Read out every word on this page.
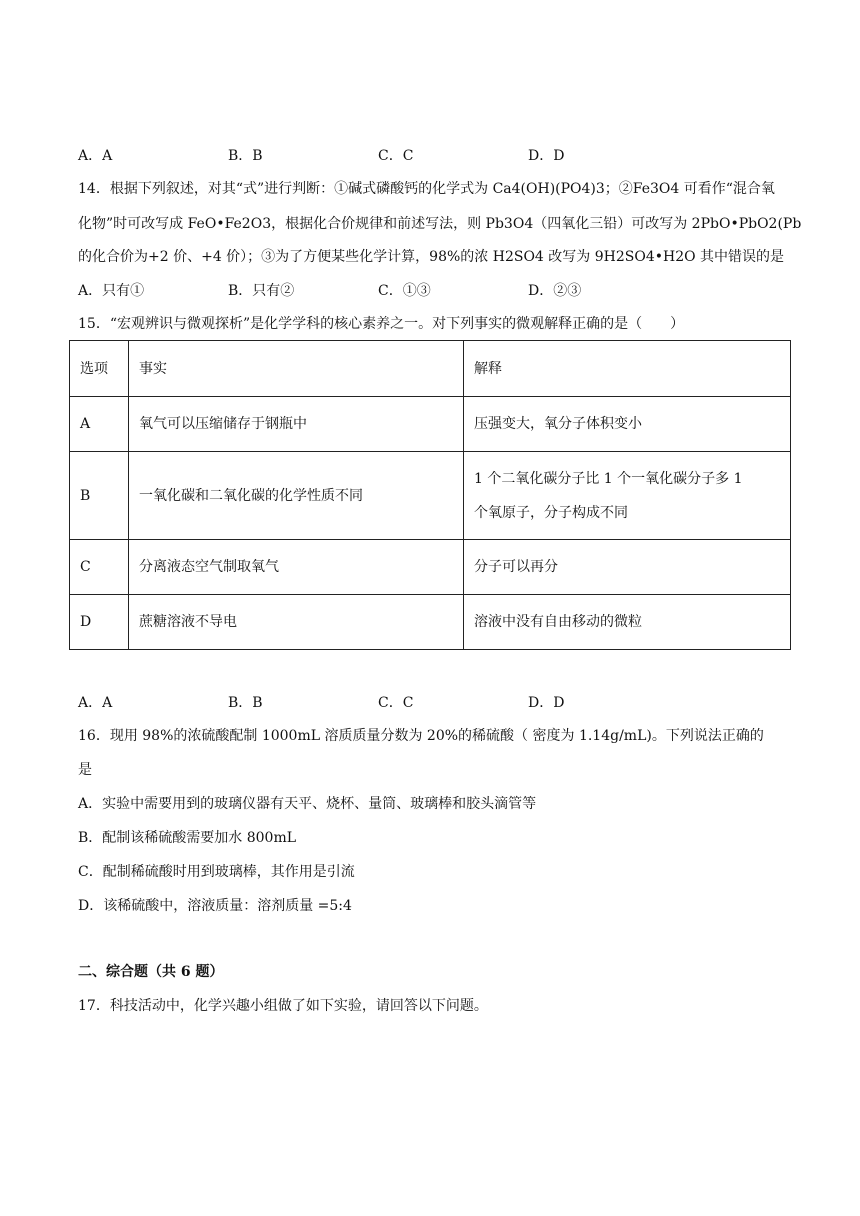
A．A	B．B	C．C	D．D
14．根据下列叙述，对其“式”进行判断：①碱式磷酸钙的化学式为 Ca4(OH)(PO4)3；②Fe3O4 可看作“混合氧
化物”时可改写成 FeO•Fe2O3，根据化合价规律和前述写法，则 Pb3O4（四氧化三铅）可改写为 2PbO•PbO2(Pb
的化合价为+2 价、+4 价）；③为了方便某些化学计算，98%的浓 H2SO4 改写为 9H2SO4•H2O 其中错误的是
A．只有①	B．只有②	C．①③	D．②③
15．“宏观辨识与微观探析”是化学学科的核心素养之一。对下列事实的微观解释正确的是（　　）
选项	事实	解释
A	氧气可以压缩储存于钢瓶中	压强变大，氧分子体积变小
B	一氧化碳和二氧化碳的化学性质不同	1 个二氧化碳分子比 1 个一氧化碳分子多 1
个氧原子，分子构成不同

C	分离液态空气制取氧气	分子可以再分
D	蔗糖溶液不导电	溶液中没有自由移动的微粒
A．A	B．B	C．C	D．D
16．现用 98%的浓硫酸配制 1000mL 溶质质量分数为 20%的稀硫酸（ 密度为 1.14g/mL)。下列说法正确的
是
A．实验中需要用到的玻璃仪器有天平、烧杯、量筒、玻璃棒和胶头滴管等
B．配制该稀硫酸需要加水 800mL
C．配制稀硫酸时用到玻璃棒，其作用是引流
D．该稀硫酸中，溶液质量：溶剂质量 =5:4
二、综合题（共 6 题）
17．科技活动中，化学兴趣小组做了如下实验，请回答以下问题。
